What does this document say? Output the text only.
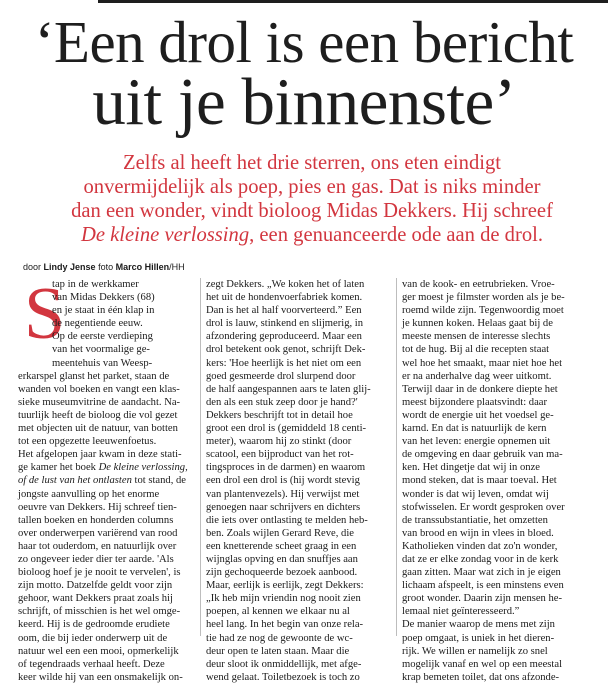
‘Een drol is een bericht
uit je binnenste’

Zelfs al heeft het drie sterren, ons eten eindigt
onvermijdelijk als poep, pies en gas. Dat is niks minder
dan een wonder, vindt bioloog Midas Dekkers. Hij schreef
De kleine verlossing, een genuanceerde ode aan de drol.

door Lindy Jense foto Marco Hillen/HH
S
tap in de werkkamer
van Midas Dekkers (68)
en je staat in één klap in
de negentiende eeuw.
Op de eerste verdieping
van het voormalige ge-
meentehuis van Weesp-
erkarspel glanst het parket, staan de
wanden vol boeken en vangt een klas-
sieke museumvitrine de aandacht. Na-
tuurlijk heeft de bioloog die vol gezet
met objecten uit de natuur, van botten
tot een opgezette leeuwenfoetus.
Het afgelopen jaar kwam in deze stati-
ge kamer het boek De kleine verlossing,
of de lust van het ontlasten tot stand, de
jongste aanvulling op het enorme
oeuvre van Dekkers. Hij schreef tien-
tallen boeken en honderden columns
over onderwerpen variërend van rood
haar tot ouderdom, en natuurlijk over
zo ongeveer ieder dier ter aarde. 'Als
bioloog hoef je je nooit te vervelen', is
zijn motto. Datzelfde geldt voor zijn
gehoor, want Dekkers praat zoals hij
schrijft, of misschien is het wel omge-
keerd. Hij is de gedroomde erudiete
oom, die bij ieder onderwerp uit de
natuur wel een een mooi, opmerkelijk
of tegendraads verhaal heeft. Deze
keer wilde hij van een onsmakelijk on-
zegt Dekkers. „We koken het of laten
het uit de hondenvoerfabriek komen.
Dan is het al half voorverteerd.” Een
drol is lauw, stinkend en slijmerig, in
afzondering geproduceerd. Maar een
drol betekent ook genot, schrijft Dek-
kers: 'Hoe heerlijk is het niet om een
goed gesmeerde drol slurpend door
de half aangespannen aars te laten glij-
den als een stuk zeep door je hand?'
Dekkers beschrijft tot in detail hoe
groot een drol is (gemiddeld 18 centi-
meter), waarom hij zo stinkt (door
scatool, een bijproduct van het rot-
tingsproces in de darmen) en waarom
een drol een drol is (hij wordt stevig
van plantenvezels). Hij verwijst met
genoegen naar schrijvers en dichters
die iets over ontlasting te melden heb-
ben. Zoals wijlen Gerard Reve, die
een knetterende scheet graag in een
wijnglas opving en dan snuffjes aan
zijn gechoqueerde bezoek aanbood.
Maar, eerlijk is eerlijk, zegt Dekkers:
„Ik heb mijn vriendin nog nooit zien
poepen, al kennen we elkaar nu al
heel lang. In het begin van onze rela-
tie had ze nog de gewoonte de wc-
deur open te laten staan. Maar die
deur sloot ik onmiddellijk, met afge-
wend gelaat. Toiletbezoek is toch zo
van de kook- en eetrubrieken. Vroe-
ger moest je filmster worden als je be-
roemd wilde zijn. Tegenwoordig moet
je kunnen koken. Helaas gaat bij de
meeste mensen de interesse slechts
tot de hug. Bij al die recepten staat
wel hoe het smaakt, maar niet hoe het
er na anderhalve dag weer uitkomt.
Terwijl daar in de donkere diepte het
meest bijzondere plaatsvindt: daar
wordt de energie uit het voedsel ge-
karnd. En dat is natuurlijk de kern
van het leven: energie opnemen uit
de omgeving en daar gebruik van ma-
ken. Het dingetje dat wij in onze
mond steken, dat is maar toeval. Het
wonder is dat wij leven, omdat wij
stofwisselen. Er wordt gesproken over
de transsubstantiatie, het omzetten
van brood en wijn in vlees in bloed.
Katholieken vinden dat zo'n wonder,
dat ze er elke zondag voor in de kerk
gaan zitten. Maar wat zich in je eigen
lichaam afspeelt, is een minstens even
groot wonder. Daarin zijn mensen he-
lemaal niet geïnteresseerd.”
De manier waarop de mens met zijn
poep omgaat, is uniek in het dieren-
rijk. We willen er namelijk zo snel
mogelijk vanaf en wel op een meestal
krap bemeten toilet, dat ons afzonde-
